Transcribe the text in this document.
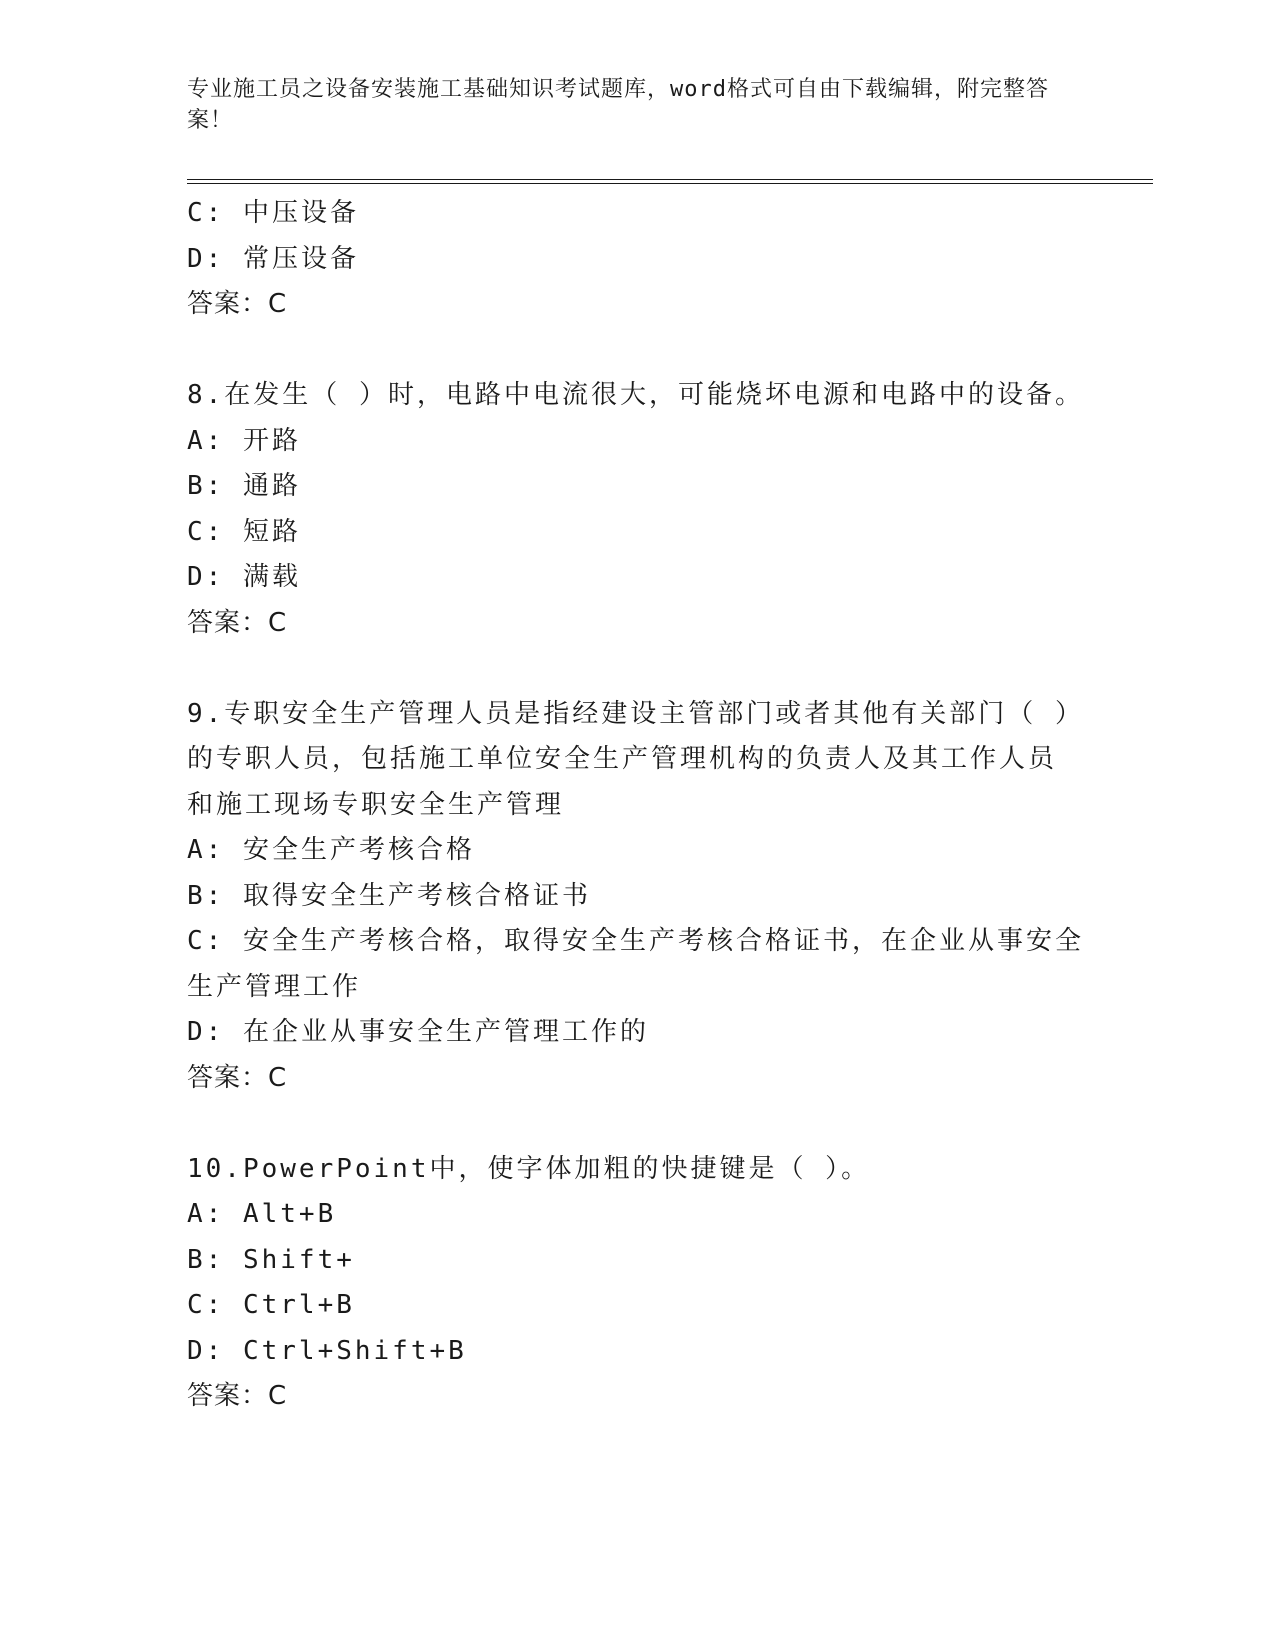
专业施工员之设备安装施工基础知识考试题库，word格式可自由下载编辑，附完整答案！
C: 中压设备
D: 常压设备
答案：C
8.在发生（ ）时，电路中电流很大，可能烧坏电源和电路中的设备。
A: 开路
B: 通路
C: 短路
D: 满载
答案：C
9.专职安全生产管理人员是指经建设主管部门或者其他有关部门（ ）
的专职人员，包括施工单位安全生产管理机构的负责人及其工作人员
和施工现场专职安全生产管理
A: 安全生产考核合格
B: 取得安全生产考核合格证书
C: 安全生产考核合格，取得安全生产考核合格证书，在企业从事安全
生产管理工作
D: 在企业从事安全生产管理工作的
答案：C
10.PowerPoint中，使字体加粗的快捷键是（ ）。
A: Alt+B
B: Shift+
C: Ctrl+B
D: Ctrl+Shift+B
答案：C
